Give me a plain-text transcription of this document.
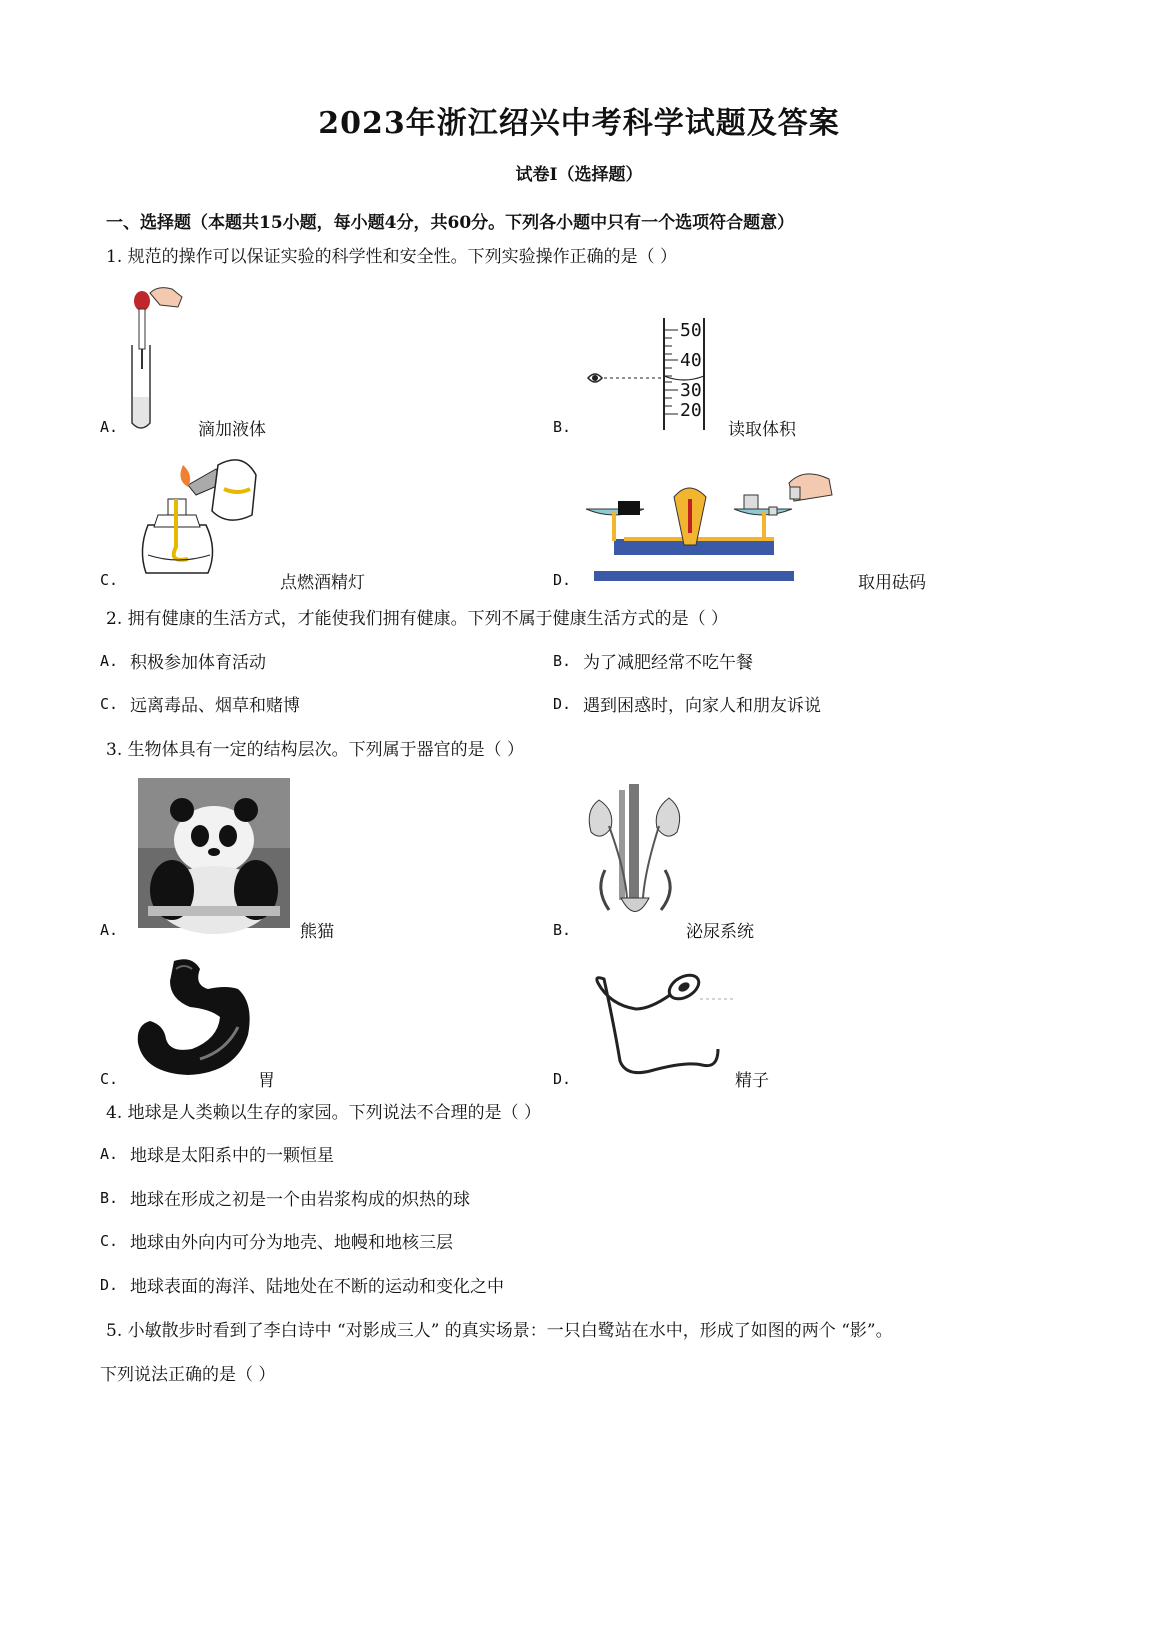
2023年浙江绍兴中考科学试题及答案
试卷Ⅰ（选择题）
一、选择题（本题共15小题，每小题4分，共60分。下列各小题中只有一个选项符合题意）
1. 规范的操作可以保证实验的科学性和安全性。下列实验操作正确的是（ ）
A.	滴加液体
50
40
30
20
B.	读取体积
C.	点燃酒精灯	D.	取用砝码
2. 拥有健康的生活方式，才能使我们拥有健康。下列不属于健康生活方式的是（ ）
A. 积极参加体育活动	B. 为了减肥经常不吃午餐
C. 远离毒品、烟草和赌博	D. 遇到困惑时，向家人和朋友诉说
3. 生物体具有一定的结构层次。下列属于器官的是（ ）
A.	熊猫	B.	泌尿系统
C.	胃	D.	精子
4. 地球是人类赖以生存的家园。下列说法不合理的是（ ）
A. 地球是太阳系中的一颗恒星
B. 地球在形成之初是一个由岩浆构成的炽热的球
C. 地球由外向内可分为地壳、地幔和地核三层
D. 地球表面的海洋、陆地处在不断的运动和变化之中
5. 小敏散步时看到了李白诗中 “对影成三人” 的真实场景：一只白鹭站在水中，形成了如图的两个 “影”。
下列说法正确的是（ ）
